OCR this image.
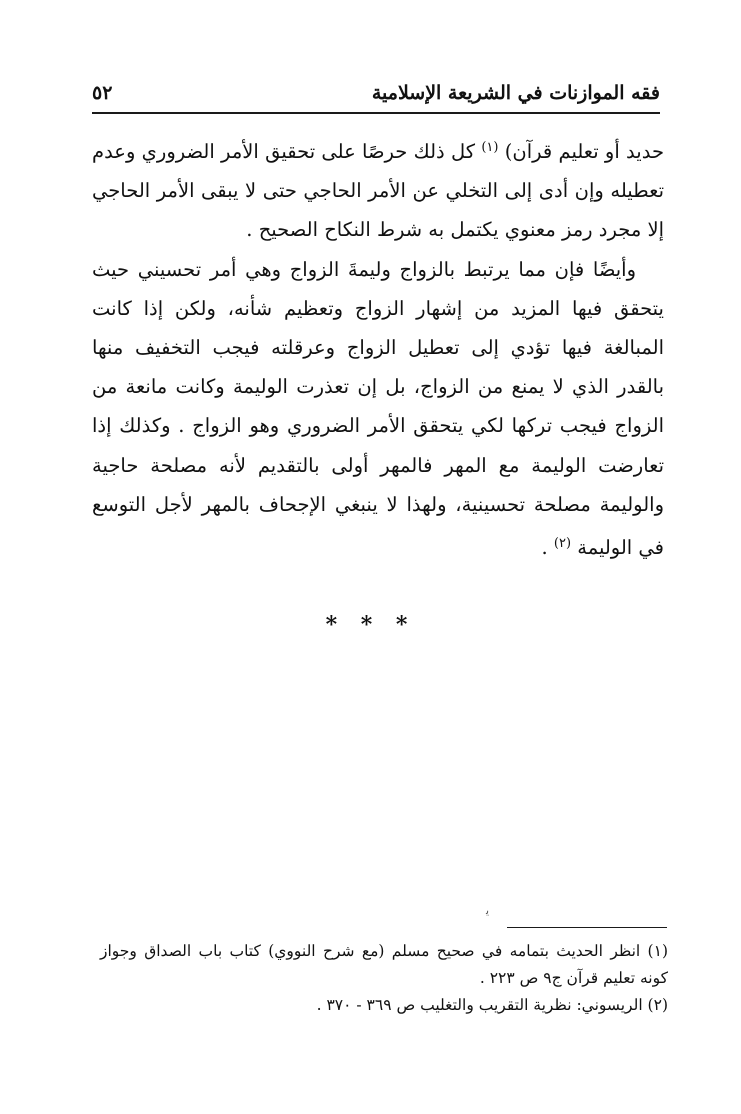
فقه الموازنات في الشريعة الإسلامية
٥٢

حديد أو تعليم قرآن) $^{(١)}$ كل ذلك حرصًا على تحقيق الأمر الضروري وعدم تعطيله وإن أدى إلى التخلي عن الأمر الحاجي حتى لا يبقى الأمر الحاجي إلا مجرد رمز معنوي يكتمل به شرط النكاح الصحيح .

وأيضًا فإن مما يرتبط بالزواج وليمةَ الزواج وهي أمر تحسيني حيث يتحقق فيها المزيد من إشهار الزواج وتعظيم شأنه، ولكن إذا كانت المبالغة فيها تؤدي إلى تعطيل الزواج وعرقلته فيجب التخفيف منها بالقدر الذي لا يمنع من الزواج، بل إن تعذرت الوليمة وكانت مانعة من الزواج فيجب تركها لكي يتحقق الأمر الضروري وهو الزواج . وكذلك إذا تعارضت الوليمة مع المهر فالمهر أولى بالتقديم لأنه مصلحة حاجية والوليمة مصلحة تحسينية، ولهذا لا ينبغي الإجحاف بالمهر لأجل التوسع في الوليمة $^{(٢)}$ .

* * *
ﯾ

(١) انظر الحديث بتمامه في صحيح مسلم (مع شرح النووي) كتاب باب الصداق وجواز كونه تعليم قرآن ج٩ ص ٢٢٣ .

(٢) الريسوني: نظرية التقريب والتغليب ص ٣٦٩ - ٣٧٠ .
